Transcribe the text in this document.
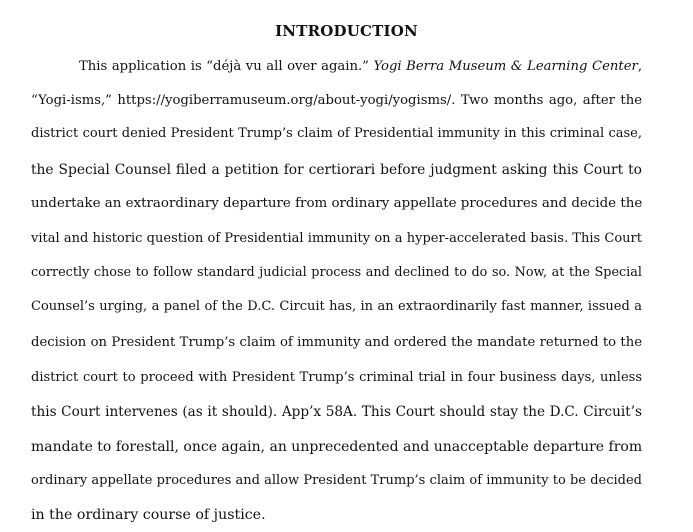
INTRODUCTION
This application is “déjà vu all over again.” Yogi Berra Museum & Learning Center,
“Yogi-isms,” https://yogiberramuseum.org/about-yogi/yogisms/. Two months ago, after the
district court denied President Trump’s claim of Presidential immunity in this criminal case,
the Special Counsel filed a petition for certiorari before judgment asking this Court to
undertake an extraordinary departure from ordinary appellate procedures and decide the
vital and historic question of Presidential immunity on a hyper-accelerated basis. This Court
correctly chose to follow standard judicial process and declined to do so. Now, at the Special
Counsel’s urging, a panel of the D.C. Circuit has, in an extraordinarily fast manner, issued a
decision on President Trump’s claim of immunity and ordered the mandate returned to the
district court to proceed with President Trump’s criminal trial in four business days, unless
this Court intervenes (as it should). App’x 58A. This Court should stay the D.C. Circuit’s
mandate to forestall, once again, an unprecedented and unacceptable departure from
ordinary appellate procedures and allow President Trump’s claim of immunity to be decided
in the ordinary course of justice.
